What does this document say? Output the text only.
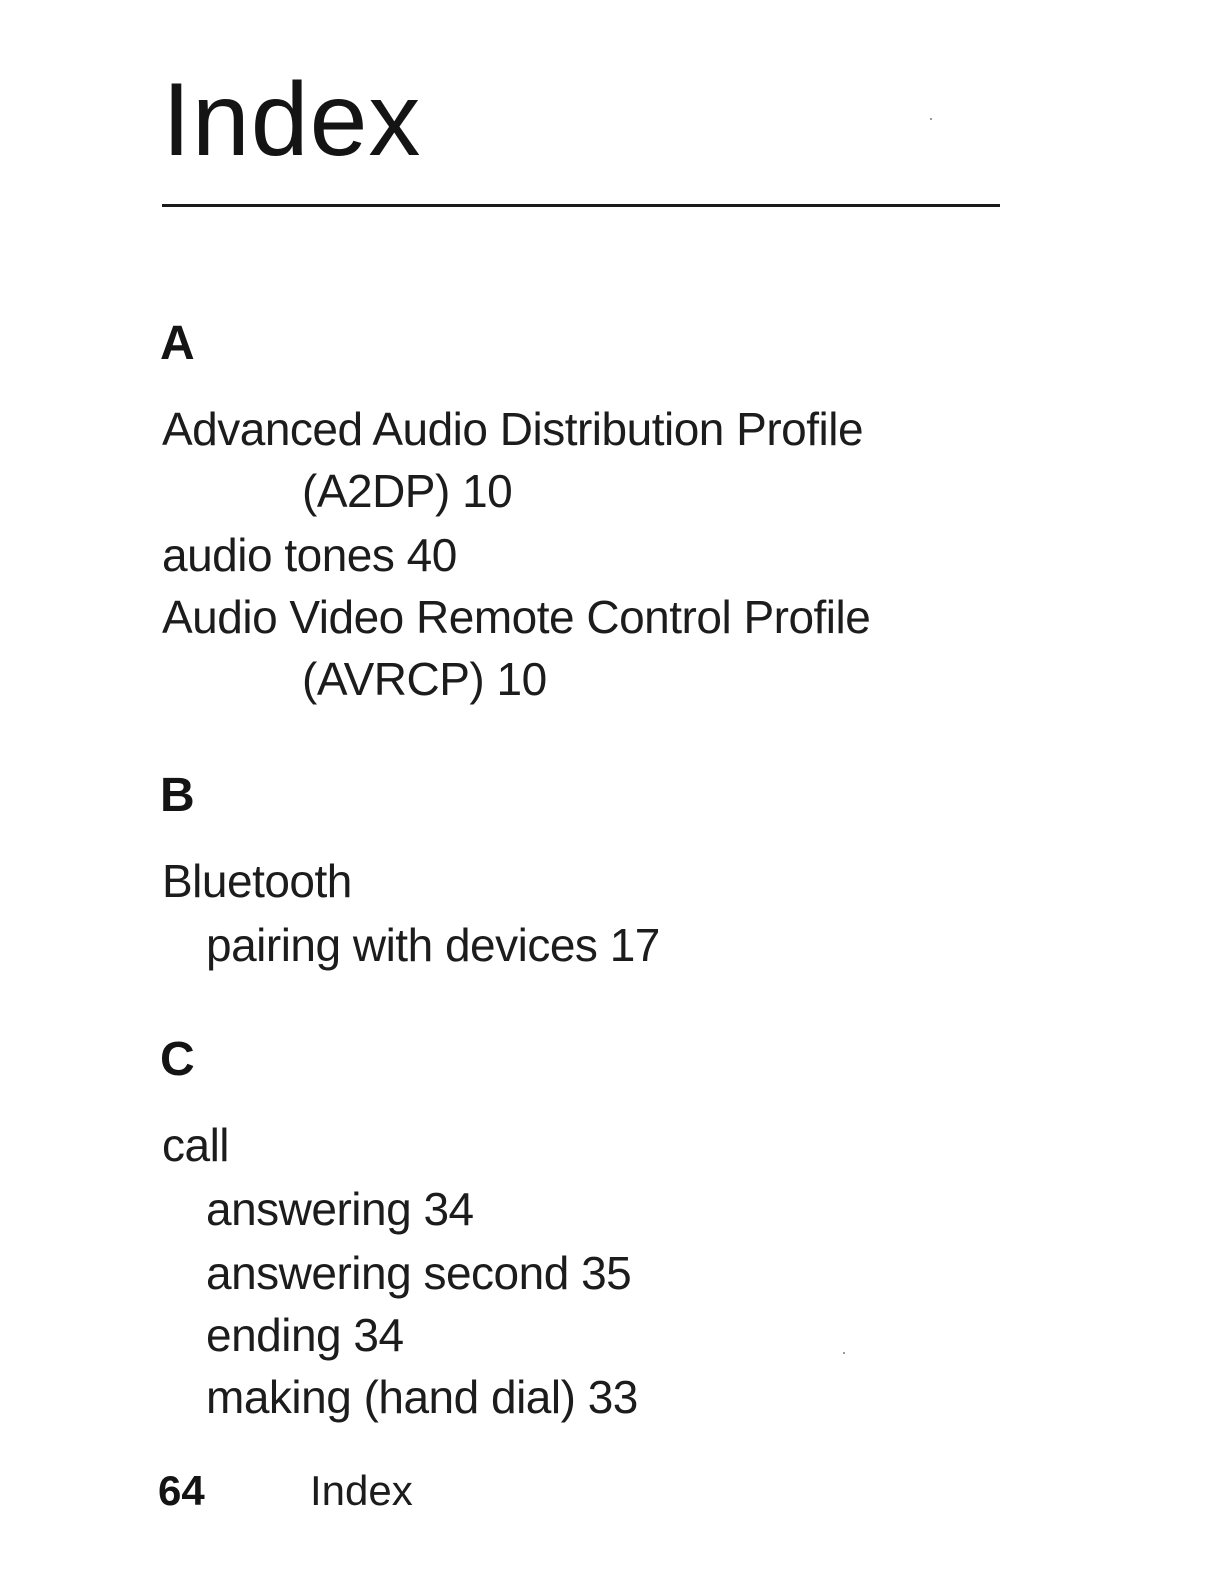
Index
A
Advanced Audio Distribution Profile
(A2DP) 10
audio tones 40
Audio Video Remote Control Profile
(AVRCP) 10
B
Bluetooth
pairing with devices 17
C
call
answering 34
answering second 35
ending 34
making (hand dial) 33
64	Index
